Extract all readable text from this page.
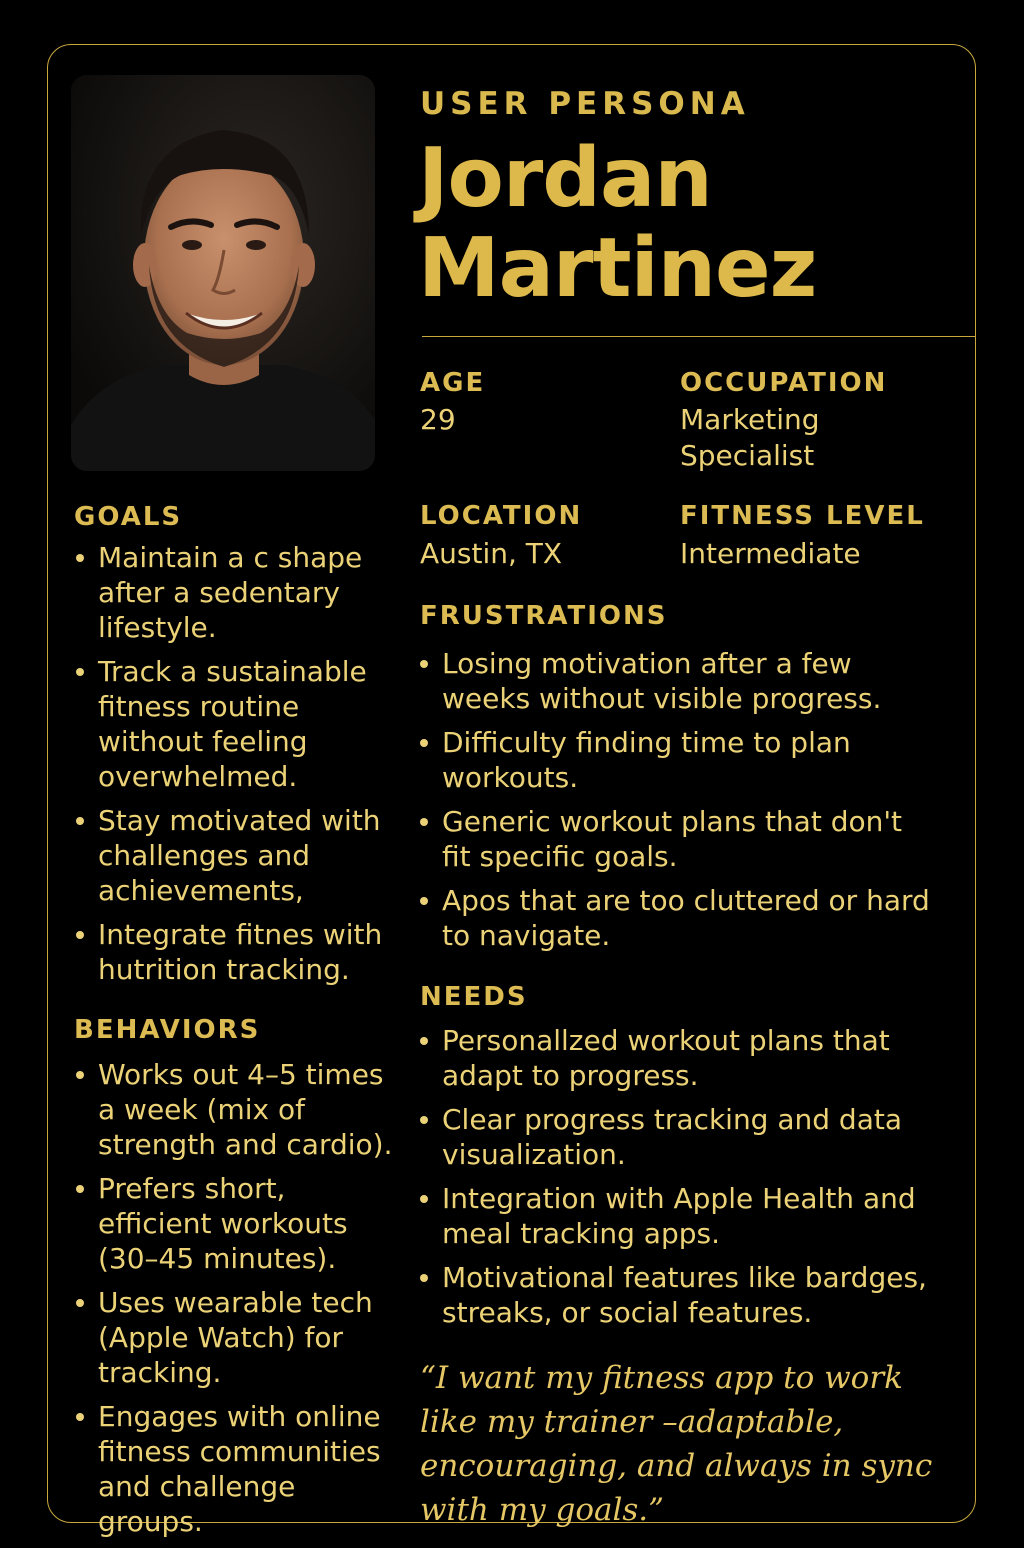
USER PERSONA
Jordan Martinez
AGE
29
OCCUPATION
Marketing Specialist
LOCATION
Austin, TX
FITNESS LEVEL
Intermediate
GOALS
Maintain a c shape after a sedentary lifestyle.
Track a sustainable fitness routine without feeling overwhelmed.
Stay motivated with challenges and achievements,
Integrate fitnes with hutrition tracking.
BEHAVIORS
Works out 4–5 times a week (mix of strength and cardio).
Prefers short, efficient workouts (30–45 minutes).
Uses wearable tech (Apple Watch) for tracking.
Engages with online fitness communities and challenge groups.
FRUSTRATIONS
Losing motivation after a few weeks without visible progress.
Difficulty finding time to plan workouts.
Generic workout plans that don't fit specific goals.
Apos that are too cluttered or hard to navigate.
NEEDS
Personallzed workout plans that adapt to progress.
Clear progress tracking and data visualization.
Integration with Apple Health and meal tracking apps.
Motivational features like bardges, streaks, or social features.
“I want my fitness app to work like my trainer –adaptable, encouraging, and always in sync with my goals.”
